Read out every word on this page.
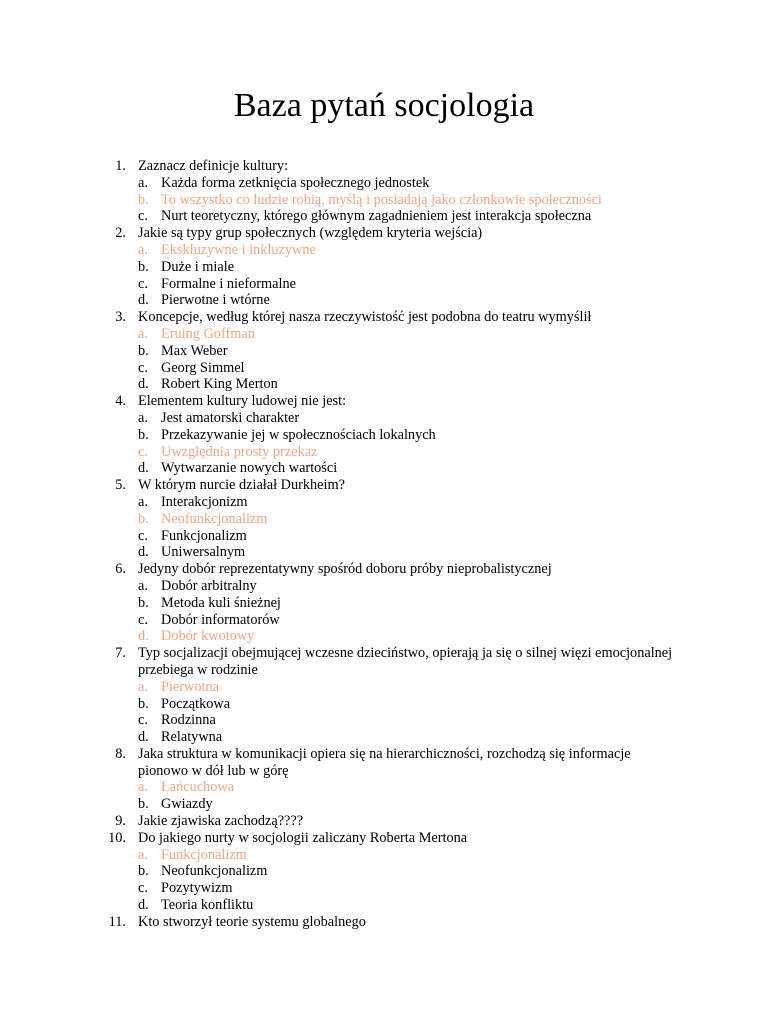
Baza pytań socjologia
1. Zaznacz definicje kultury:
a. Każda forma zetknięcia społecznego jednostek
b. To wszystko co ludzie robią, myślą i posiadają jako członkowie społeczności
c. Nurt teoretyczny, którego głównym zagadnieniem jest interakcja społeczna
2. Jakie są typy grup społecznych (względem kryteria wejścia)
a. Ekskluzywne i inkluzywne
b. Duże i miale
c. Formalne i nieformalne
d. Pierwotne i wtórne
3. Koncepcje, według której nasza rzeczywistość jest podobna do teatru wymyślił
a. Eruing Goffman
b. Max Weber
c. Georg Simmel
d. Robert King Merton
4. Elementem kultury ludowej nie jest:
a. Jest amatorski charakter
b. Przekazywanie jej w społecznościach lokalnych
c. Uwzględnia prosty przekaz
d. Wytwarzanie nowych wartości
5. W którym nurcie działał Durkheim?
a. Interakcjonizm
b. Neofunkcjonalizm
c. Funkcjonalizm
d. Uniwersalnym
6. Jedyny dobór reprezentatywny spośród doboru próby nieprobalistycznej
a. Dobór arbitralny
b. Metoda kuli śnieżnej
c. Dobór informatorów
d. Dobór kwotowy
7. Typ socjalizacji obejmującej wczesne dzieciństwo, opierają ja się o silnej więzi emocjonalnej przebiega w rodzinie
a. Pierwotna
b. Początkowa
c. Rodzinna
d. Relatywna
8. Jaka struktura w komunikacji opiera się na hierarchiczności, rozchodzą się informacje pionowo w dół lub w górę
a. Łańcuchowa
b. Gwiazdy
9. Jakie zjawiska zachodzą????
10. Do jakiego nurty w socjologii zaliczany Roberta Mertona
a. Funkcjonalizm
b. Neofunkcjonalizm
c. Pozytywizm
d. Teoria konfliktu
11. Kto stworzył teorie systemu globalnego
